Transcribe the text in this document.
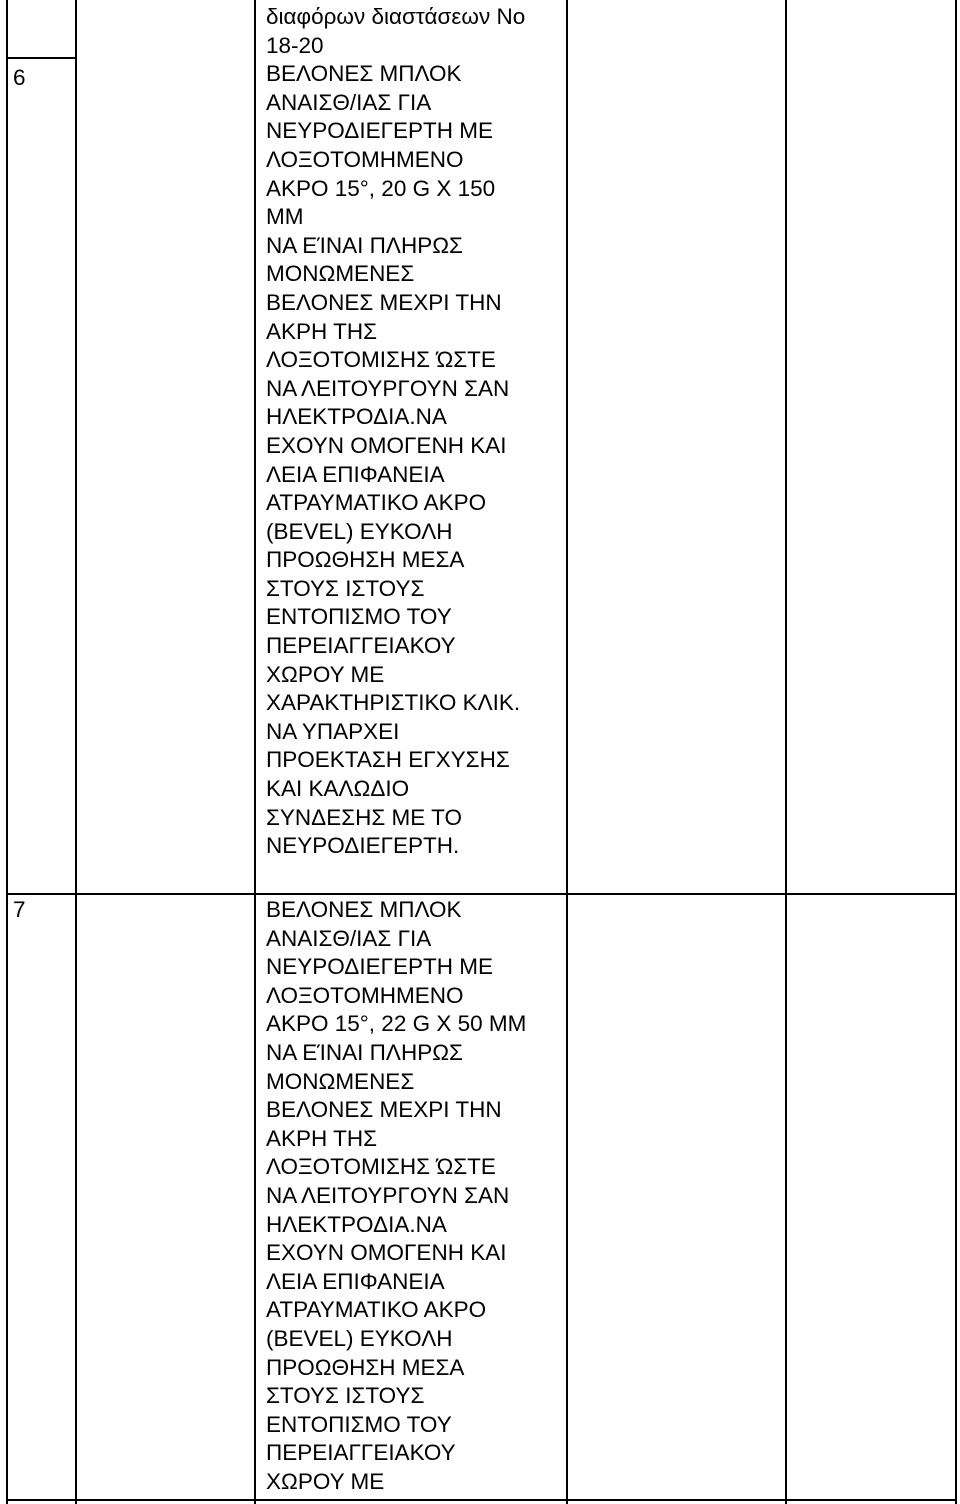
6

διαφόρων διαστάσεων No
18-20
ΒΕΛΟΝΕΣ ΜΠΛΟΚ
ΑΝΑΙΣΘ/ΙΑΣ ΓΙΑ
ΝΕΥΡΟΔΙΕΓΕΡΤΗ ΜΕ
ΛΟΞΟΤΟΜΗΜΕΝΟ
ΑΚΡΟ 15°, 20 G X 150
ΜΜ
ΝΑ ΕΊΝΑΙ ΠΛΗΡΩΣ
ΜΟΝΩΜΕΝΕΣ
ΒΕΛΟΝΕΣ ΜΕΧΡΙ ΤΗΝ
ΑΚΡΗ ΤΗΣ
ΛΟΞΟΤΟΜΙΣΗΣ ΏΣΤΕ
ΝΑ ΛΕΙΤΟΥΡΓΟΥΝ ΣΑΝ
ΗΛΕΚΤΡΟΔΙΑ.ΝΑ
ΕΧΟΥΝ ΟΜΟΓΕΝΗ ΚΑΙ
ΛΕΙΑ ΕΠΙΦΑΝΕΙΑ
ΑΤΡΑΥΜΑΤΙΚΟ ΑΚΡΟ
(BEVEL) ΕΥΚΟΛΗ
ΠΡΟΩΘΗΣΗ ΜΕΣΑ
ΣΤΟΥΣ ΙΣΤΟΥΣ
ΕΝΤΟΠΙΣΜΟ ΤΟΥ
ΠΕΡΕΙΑΓΓΕΙΑΚΟΥ
ΧΩΡΟΥ ΜΕ
ΧΑΡΑΚΤΗΡΙΣΤΙΚΟ ΚΛΙΚ.
ΝΑ ΥΠΑΡΧΕΙ
ΠΡΟΕΚΤΑΣΗ ΕΓΧΥΣΗΣ
ΚΑΙ ΚΑΛΩΔΙΟ
ΣΥΝΔΕΣΗΣ ΜΕ ΤΟ
ΝΕΥΡΟΔΙΕΓΕΡΤΗ.

7	ΒΕΛΟΝΕΣ ΜΠΛΟΚ
ΑΝΑΙΣΘ/ΙΑΣ ΓΙΑ
ΝΕΥΡΟΔΙΕΓΕΡΤΗ ΜΕ
ΛΟΞΟΤΟΜΗΜΕΝΟ
ΑΚΡΟ 15°, 22 G X 50 ΜΜ
ΝΑ ΕΊΝΑΙ ΠΛΗΡΩΣ
ΜΟΝΩΜΕΝΕΣ
ΒΕΛΟΝΕΣ ΜΕΧΡΙ ΤΗΝ
ΑΚΡΗ ΤΗΣ
ΛΟΞΟΤΟΜΙΣΗΣ ΏΣΤΕ
ΝΑ ΛΕΙΤΟΥΡΓΟΥΝ ΣΑΝ
ΗΛΕΚΤΡΟΔΙΑ.ΝΑ
ΕΧΟΥΝ ΟΜΟΓΕΝΗ ΚΑΙ
ΛΕΙΑ ΕΠΙΦΑΝΕΙΑ
ΑΤΡΑΥΜΑΤΙΚΟ ΑΚΡΟ
(BEVEL) ΕΥΚΟΛΗ
ΠΡΟΩΘΗΣΗ ΜΕΣΑ
ΣΤΟΥΣ ΙΣΤΟΥΣ
ΕΝΤΟΠΙΣΜΟ ΤΟΥ
ΠΕΡΕΙΑΓΓΕΙΑΚΟΥ
ΧΩΡΟΥ ΜΕ
